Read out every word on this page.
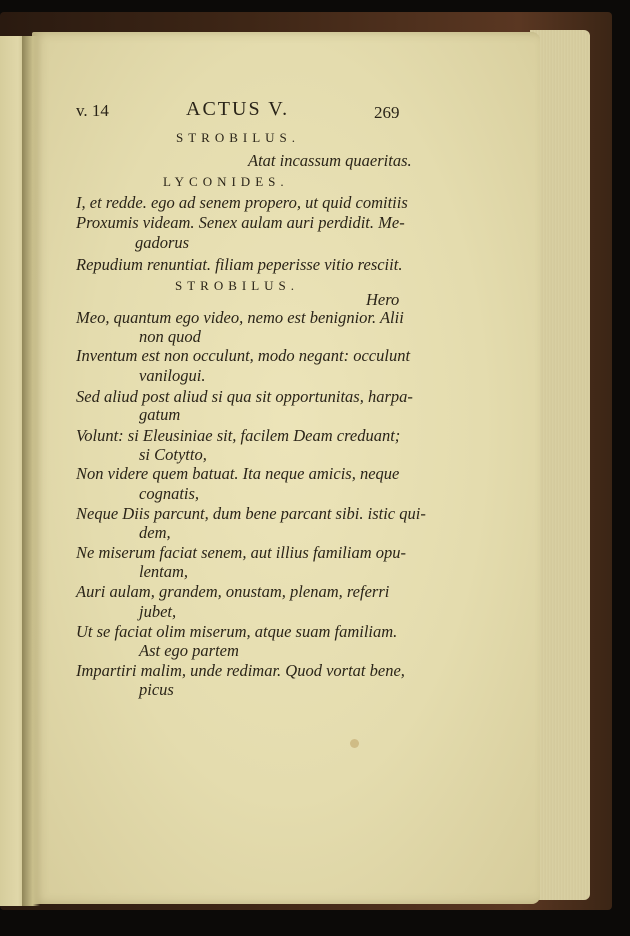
v. 14	ACTUS V.	269
STROBILUS.
Atat incassum quaeritas.
LYCONIDES.
I, et redde. ego ad senem propero, ut quid comitiis
Proxumis videam. Senex aulam auri perdidit. Me-
gadorus
Repudium renuntiat. filiam peperisse vitio resciit.
STROBILUS.
Hero
Meo, quantum ego video, nemo est benignior. Alii
non quod
Inventum est non occulunt, modo negant: occulunt
vanilogui.
Sed aliud post aliud si qua sit opportunitas, harpa-
gatum
Volunt: si Eleusiniae sit, facilem Deam creduant;
si Cotytto,
Non videre quem batuat. Ita neque amicis, neque
cognatis,
Neque Diis parcunt, dum bene parcant sibi. istic qui-
dem,
Ne miserum faciat senem, aut illius familiam opu-
lentam,
Auri aulam, grandem, onustam, plenam, referri
jubet,
Ut se faciat olim miserum, atque suam familiam.
Ast ego partem
Impartiri malim, unde redimar. Quod vortat bene,
picus
